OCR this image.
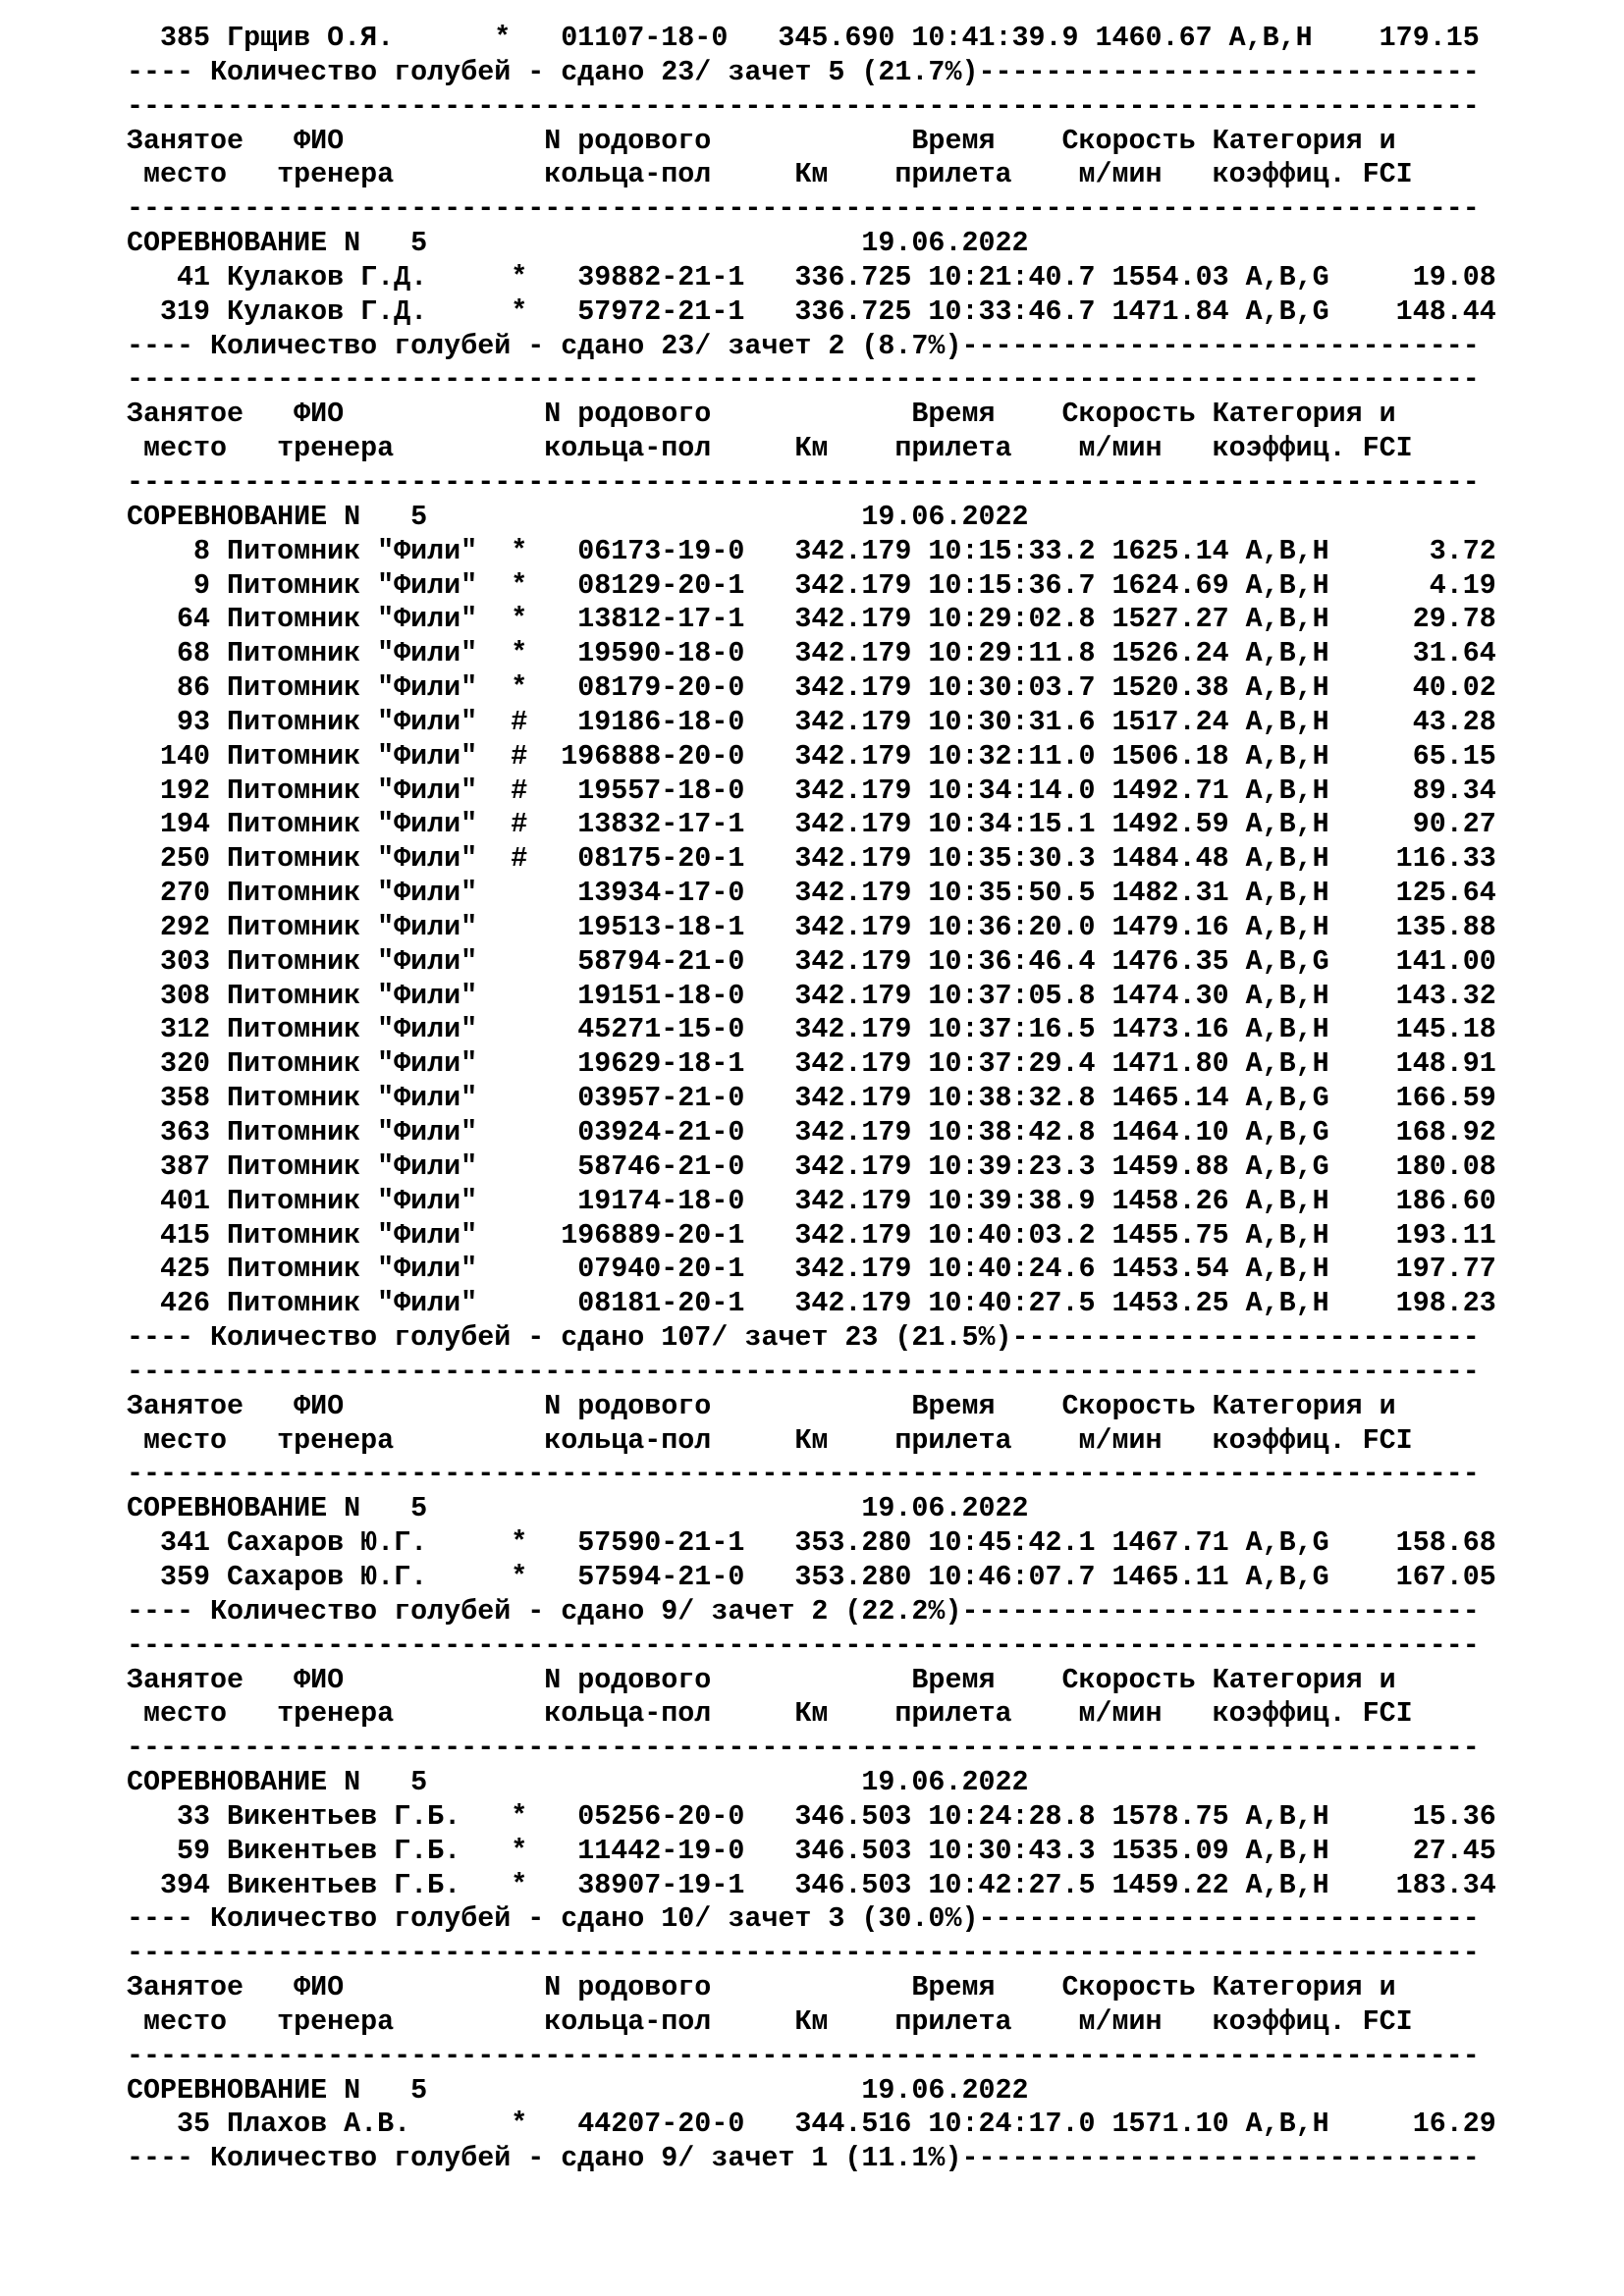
385 Грщив О.Я.      *   01107-18-0   345.690 10:41:39.9 1460.67 A,B,H    179.15
---- Количество голубей - сдано 23/ зачет 5 (21.7%)------------------------------
---------------------------------------------------------------------------------
Занятое   ФИО            N родового            Время    Скорость Категория и
место   тренера         кольца-пол     Км    прилета    м/мин   коэффиц. FCI
---------------------------------------------------------------------------------
СОРЕВНОВАНИЕ N   5                          19.06.2022
41 Кулаков Г.Д.     *   39882-21-1   336.725 10:21:40.7 1554.03 A,B,G     19.08
319 Кулаков Г.Д.     *   57972-21-1   336.725 10:33:46.7 1471.84 A,B,G    148.44
---- Количество голубей - сдано 23/ зачет 2 (8.7%)-------------------------------
---------------------------------------------------------------------------------
Занятое   ФИО            N родового            Время    Скорость Категория и
место   тренера         кольца-пол     Км    прилета    м/мин   коэффиц. FCI
---------------------------------------------------------------------------------
СОРЕВНОВАНИЕ N   5                          19.06.2022
8 Питомник "Фили"  *   06173-19-0   342.179 10:15:33.2 1625.14 A,B,H      3.72
9 Питомник "Фили"  *   08129-20-1   342.179 10:15:36.7 1624.69 A,B,H      4.19
64 Питомник "Фили"  *   13812-17-1   342.179 10:29:02.8 1527.27 A,B,H     29.78
68 Питомник "Фили"  *   19590-18-0   342.179 10:29:11.8 1526.24 A,B,H     31.64
86 Питомник "Фили"  *   08179-20-0   342.179 10:30:03.7 1520.38 A,B,H     40.02
93 Питомник "Фили"  #   19186-18-0   342.179 10:30:31.6 1517.24 A,B,H     43.28
140 Питомник "Фили"  #  196888-20-0   342.179 10:32:11.0 1506.18 A,B,H     65.15
192 Питомник "Фили"  #   19557-18-0   342.179 10:34:14.0 1492.71 A,B,H     89.34
194 Питомник "Фили"  #   13832-17-1   342.179 10:34:15.1 1492.59 A,B,H     90.27
250 Питомник "Фили"  #   08175-20-1   342.179 10:35:30.3 1484.48 A,B,H    116.33
270 Питомник "Фили"      13934-17-0   342.179 10:35:50.5 1482.31 A,B,H    125.64
292 Питомник "Фили"      19513-18-1   342.179 10:36:20.0 1479.16 A,B,H    135.88
303 Питомник "Фили"      58794-21-0   342.179 10:36:46.4 1476.35 A,B,G    141.00
308 Питомник "Фили"      19151-18-0   342.179 10:37:05.8 1474.30 A,B,H    143.32
312 Питомник "Фили"      45271-15-0   342.179 10:37:16.5 1473.16 A,B,H    145.18
320 Питомник "Фили"      19629-18-1   342.179 10:37:29.4 1471.80 A,B,H    148.91
358 Питомник "Фили"      03957-21-0   342.179 10:38:32.8 1465.14 A,B,G    166.59
363 Питомник "Фили"      03924-21-0   342.179 10:38:42.8 1464.10 A,B,G    168.92
387 Питомник "Фили"      58746-21-0   342.179 10:39:23.3 1459.88 A,B,G    180.08
401 Питомник "Фили"      19174-18-0   342.179 10:39:38.9 1458.26 A,B,H    186.60
415 Питомник "Фили"     196889-20-1   342.179 10:40:03.2 1455.75 A,B,H    193.11
425 Питомник "Фили"      07940-20-1   342.179 10:40:24.6 1453.54 A,B,H    197.77
426 Питомник "Фили"      08181-20-1   342.179 10:40:27.5 1453.25 A,B,H    198.23
---- Количество голубей - сдано 107/ зачет 23 (21.5%)----------------------------
---------------------------------------------------------------------------------
Занятое   ФИО            N родового            Время    Скорость Категория и
место   тренера         кольца-пол     Км    прилета    м/мин   коэффиц. FCI
---------------------------------------------------------------------------------
СОРЕВНОВАНИЕ N   5                          19.06.2022
341 Сахаров Ю.Г.     *   57590-21-1   353.280 10:45:42.1 1467.71 A,B,G    158.68
359 Сахаров Ю.Г.     *   57594-21-0   353.280 10:46:07.7 1465.11 A,B,G    167.05
---- Количество голубей - сдано 9/ зачет 2 (22.2%)-------------------------------
---------------------------------------------------------------------------------
Занятое   ФИО            N родового            Время    Скорость Категория и
место   тренера         кольца-пол     Км    прилета    м/мин   коэффиц. FCI
---------------------------------------------------------------------------------
СОРЕВНОВАНИЕ N   5                          19.06.2022
33 Викентьев Г.Б.   *   05256-20-0   346.503 10:24:28.8 1578.75 A,B,H     15.36
59 Викентьев Г.Б.   *   11442-19-0   346.503 10:30:43.3 1535.09 A,B,H     27.45
394 Викентьев Г.Б.   *   38907-19-1   346.503 10:42:27.5 1459.22 A,B,H    183.34
---- Количество голубей - сдано 10/ зачет 3 (30.0%)------------------------------
---------------------------------------------------------------------------------
Занятое   ФИО            N родового            Время    Скорость Категория и
место   тренера         кольца-пол     Км    прилета    м/мин   коэффиц. FCI
---------------------------------------------------------------------------------
СОРЕВНОВАНИЕ N   5                          19.06.2022
35 Плахов А.В.      *   44207-20-0   344.516 10:24:17.0 1571.10 A,B,H     16.29
---- Количество голубей - сдано 9/ зачет 1 (11.1%)-------------------------------
